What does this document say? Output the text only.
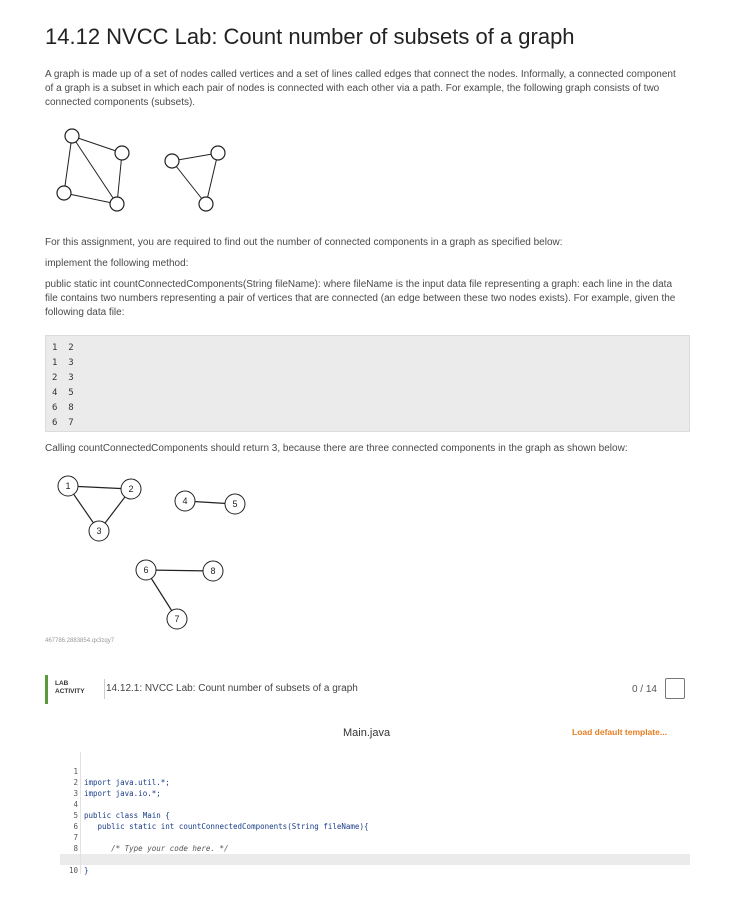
14.12 NVCC Lab: Count number of subsets of a graph

A graph is made up of a set of nodes called vertices and a set of lines called edges that connect the nodes. Informally, a connected component of a graph is a subset in which each pair of nodes is connected with each other via a path. For example, the following graph consists of two connected components (subsets).

For this assignment, you are required to find out the number of connected components in a graph as specified below:

implement the following method:

public static int countConnectedComponents(String fileName): where fileName is the input data file representing a graph: each line in the data file contains two numbers representing a pair of vertices that are connected (an edge between these two nodes exists). For example, given the following data file:

1  2
1  3
2  3
4  5
6  8
6  7

Calling countConnectedComponents should return 3, because there are three connected components in the graph as shown below:

1	2
3
4	5
6
7
8
467786.2883854.qx3zqy7
LAB
ACTIVITY 14.12.1: NVCC Lab: Count number of subsets of a graph	0 / 14
Main.java	Load default template...

1

import java.util.*;

2

import java.io.*;

3

4

public class Main {

5

public static int countConnectedComponents(String fileName){

6

7

/* Type your code here. */

8

}

10
